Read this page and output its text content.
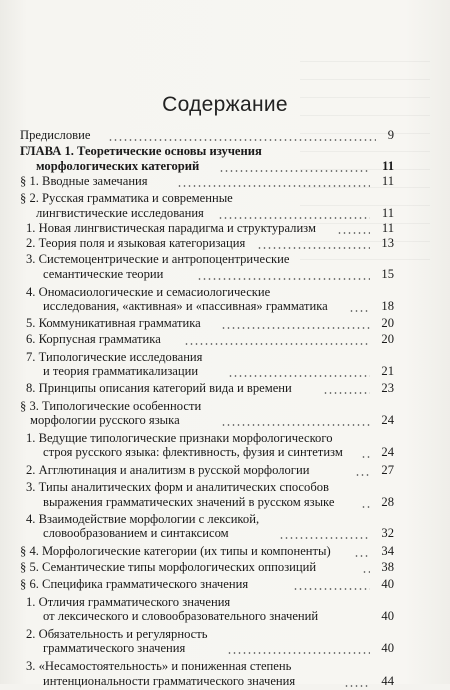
Содержание
Предисловие	9
ГЛАВА 1. Теоретические основы изучения
морфологических категорий	11
§ 1. Вводные замечания	11
§ 2. Русская грамматика и современные
лингвистические исследования	11
1. Новая лингвистическая парадигма и структурализм	11
2. Теория поля и языковая категоризация	13
3. Системоцентрические и антропоцентрические
семантические теории	15
4. Ономасиологические и семасиологические
исследования, «активная» и «пассивная» грамматика	18
5. Коммуникативная грамматика	20
6. Корпусная грамматика	20
7. Типологические исследования
и теория грамматикализации	21
8. Принципы описания категорий вида и времени	23
§ 3. Типологические особенности
морфологии русского языка	24
1. Ведущие типологические признаки морфологического
строя русского языка: флективность, фузия и синтетизм	24
2. Агглютинация и аналитизм в русской морфологии	27
3. Типы аналитических форм и аналитических способов
выражения грамматических значений в русском языке	28
4. Взаимодействие морфологии с лексикой,
словообразованием и синтаксисом	32
§ 4. Морфологические категории (их типы и компоненты)	34
§ 5. Семантические типы морфологических оппозиций	38
§ 6. Специфика грамматического значения	40
1. Отличия грамматического значения
от лексического и словообразовательного значений	40
2. Обязательность и регулярность
грамматического значения	40
3. «Несамостоятельность» и пониженная степень
интенциональности грамматического значения	44
